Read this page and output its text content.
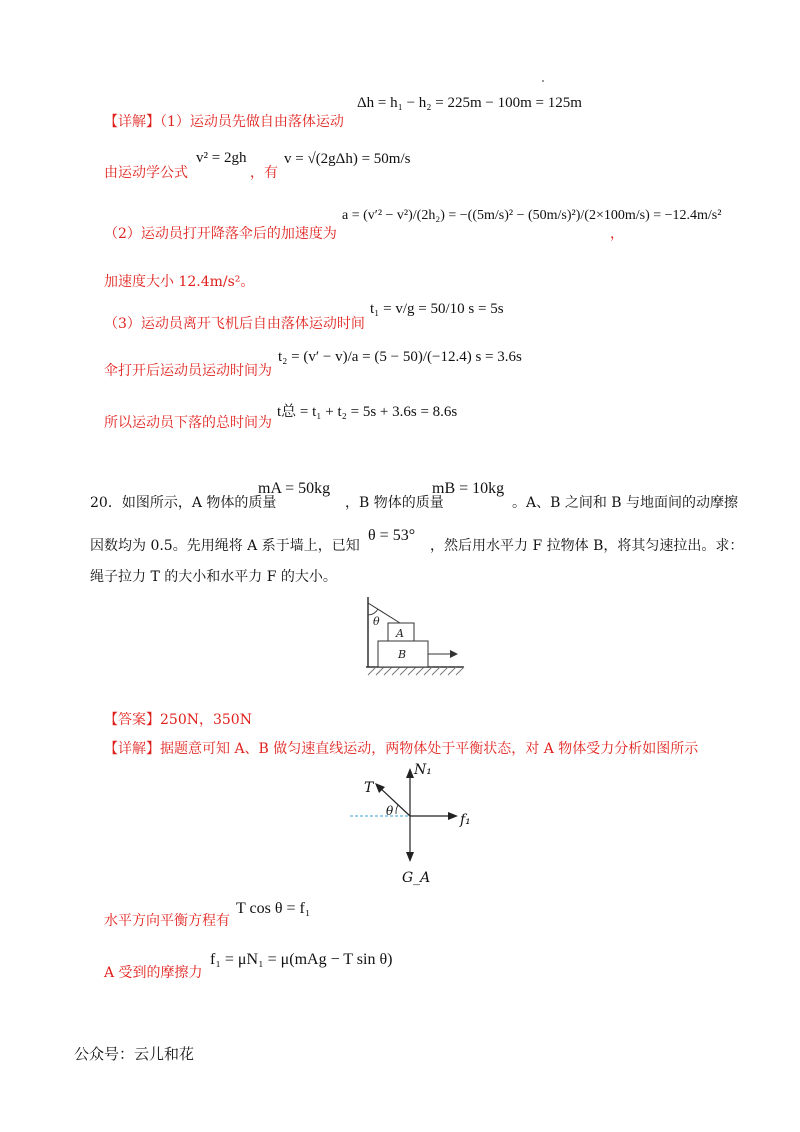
【详解】（1）运动员先做自由落体运动
Δh = h₁ − h₂ = 225m − 100m = 125m
由运动学公式
v² = 2gh
，有
v = √(2gΔh) = 50m/s
（2）运动员打开降落伞后的加速度为
a = (v′² − v²)/(2h₂) = −((5m/s)² − (50m/s)²)/(2×100m/s) = −12.4m/s²
，
加速度大小 12.4m/s²。
（3）运动员离开飞机后自由落体运动时间
t₁ = v/g = 50/10 s = 5s
伞打开后运动员运动时间为
t₂ = (v′ − v)/a = (5 − 50)/(−12.4) s = 3.6s
所以运动员下落的总时间为
t总 = t₁ + t₂ = 5s + 3.6s = 8.6s
20．如图所示，A 物体的质量
mA = 50kg
，B 物体的质量
mB = 10kg
。A、B 之间和 B 与地面间的动摩擦
因数均为 0.5。先用绳将 A 系于墙上，已知
θ = 53°
，然后用水平力 F 拉物体 B，将其匀速拉出。求：
绳子拉力 T 的大小和水平力 F 的大小。
θ
A
B
【答案】250N，350N
【详解】据题意可知 A、B 做匀速直线运动，两物体处于平衡状态，对 A 物体受力分析如图所示
T
N₁
θ
f₁
G_A
水平方向平衡方程有
T cos θ = f₁
A 受到的摩擦力
f₁ = μN₁ = μ(mAg − T sin θ)
公众号：云儿和花
